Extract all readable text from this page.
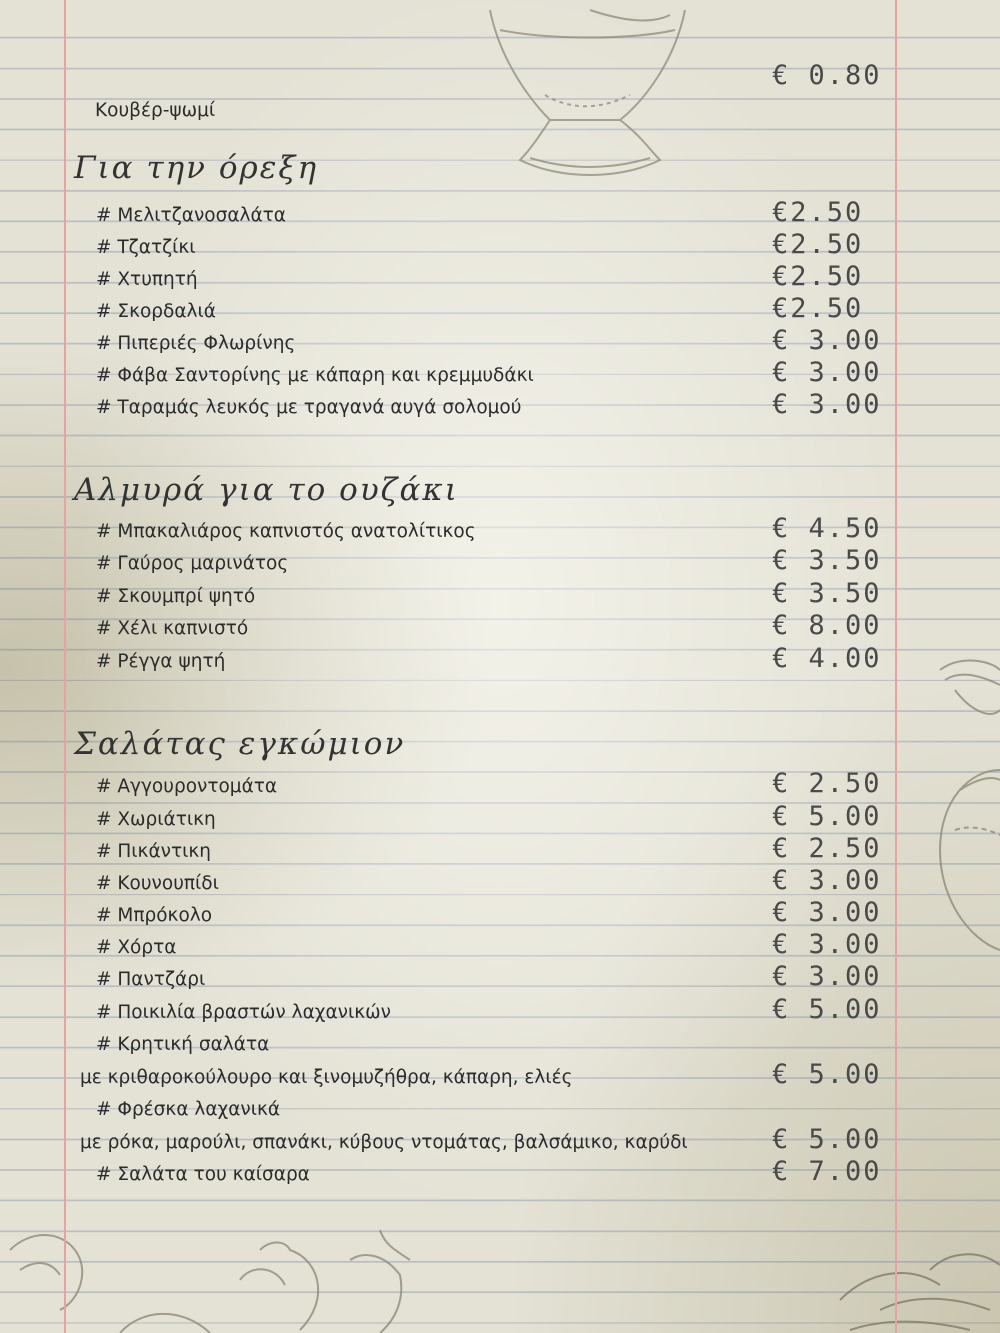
Κουβέρ-ψωμί
€ 0.80
Για την όρεξη
# Μελιτζανοσαλάτα	€2.50
# Τζατζίκι	€2.50
# Χτυπητή	€2.50
# Σκορδαλιά	€2.50
# Πιπεριές Φλωρίνης	€ 3.00
# Φάβα Σαντορίνης με κάπαρη και κρεμμυδάκι	€ 3.00
# Ταραμάς λευκός με τραγανά αυγά σολομού	€ 3.00
Αλμυρά για το ουζάκι
# Μπακαλιάρος καπνιστός ανατολίτικος	€ 4.50
# Γαύρος μαρινάτος	€ 3.50
# Σκουμπρί ψητό	€ 3.50
# Χέλι καπνιστό	€ 8.00
# Ρέγγα ψητή	€ 4.00
Σαλάτας εγκώμιον
# Αγγουροντομάτα	€ 2.50
# Χωριάτικη	€ 5.00
# Πικάντικη	€ 2.50
# Κουνουπίδι	€ 3.00
# Μπρόκολο	€ 3.00
# Χόρτα	€ 3.00
# Παντζάρι	€ 3.00
# Ποικιλία βραστών λαχανικών	€ 5.00
# Κρητική σαλάτα
με κριθαροκούλουρο και ξινομυζήθρα, κάπαρη, ελιές	€ 5.00
# Φρέσκα λαχανικά
με ρόκα, μαρούλι, σπανάκι, κύβους ντομάτας, βαλσάμικο, καρύδι	€ 5.00
# Σαλάτα του καίσαρα	€ 7.00
